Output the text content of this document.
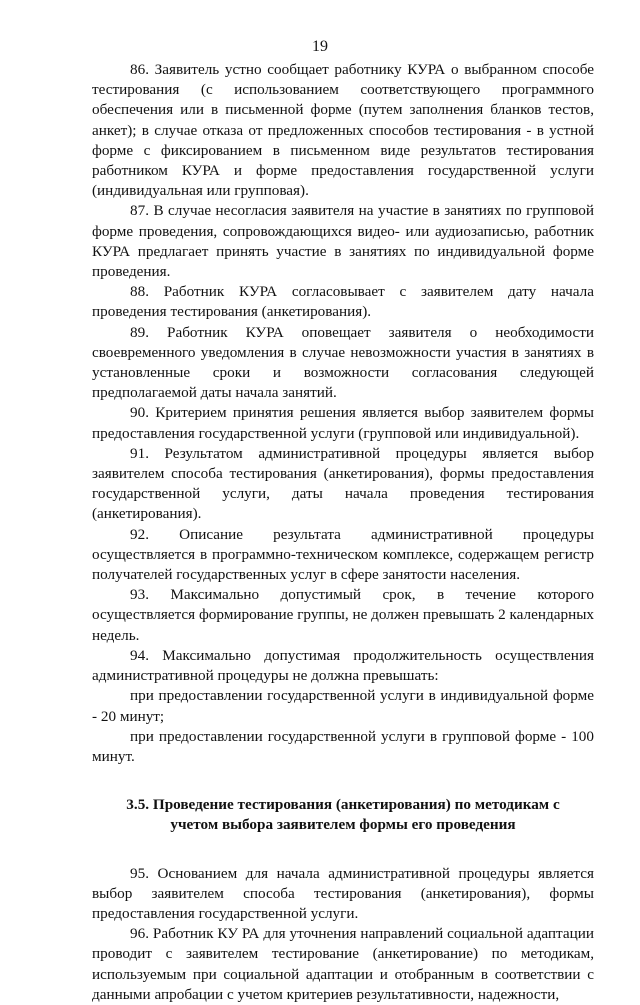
19

86. Заявитель устно сообщает работнику КУРА о выбранном способе тестирования (с использованием соответствующего программного обеспечения или в письменной форме (путем заполнения бланков тестов, анкет); в случае отказа от предложенных способов тестирования - в устной форме с фиксированием в письменном виде результатов тестирования работником КУРА и форме предоставления государственной услуги (индивидуальная или групповая).

87. В случае несогласия заявителя на участие в занятиях по групповой форме проведения, сопровождающихся видео- или аудиозаписью, работник КУРА предлагает принять участие в занятиях по индивидуальной форме проведения.

88. Работник КУРА согласовывает с заявителем дату начала проведения тестирования (анкетирования).

89. Работник КУРА оповещает заявителя о необходимости своевременного уведомления в случае невозможности участия в занятиях в установленные сроки и возможности согласования следующей предполагаемой даты начала занятий.

90. Критерием принятия решения является выбор заявителем формы предоставления государственной услуги (групповой или индивидуальной).

91. Результатом административной процедуры является выбор заявителем способа тестирования (анкетирования), формы предоставления государственной услуги, даты начала проведения тестирования (анкетирования).

92. Описание результата административной процедуры осуществляется в программно-техническом комплексе, содержащем регистр получателей государственных услуг в сфере занятости населения.

93. Максимально допустимый срок, в течение которого осуществляется формирование группы, не должен превышать 2 календарных недель.

94. Максимально допустимая продолжительность осуществления административной процедуры не должна превышать:

при предоставлении государственной услуги в индивидуальной форме - 20 минут;

при предоставлении государственной услуги в групповой форме - 100 минут.

3.5. Проведение тестирования (анкетирования) по методикам с учетом выбора заявителем формы его проведения

95. Основанием для начала административной процедуры является выбор заявителем способа тестирования (анкетирования), формы предоставления государственной услуги.

96. Работник КУ РА для уточнения направлений социальной адаптации проводит с заявителем тестирование (анкетирование) по методикам, используемым при социальной адаптации и отобранным в соответствии с данными апробации с учетом критериев результативности, надежности,
